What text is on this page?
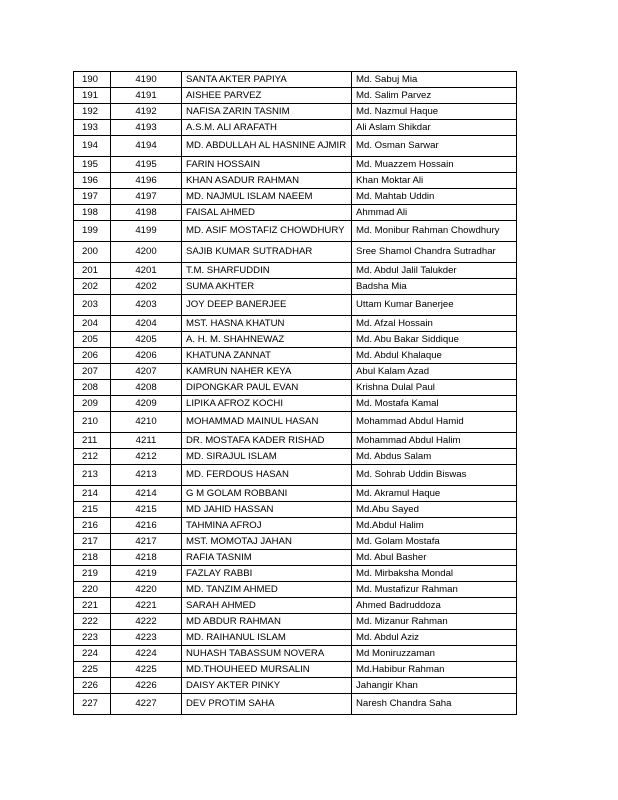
190	4190	SANTA AKTER PAPIYA	Md. Sabuj Mia
191	4191	AISHEE PARVEZ	Md. Salim Parvez
192	4192	NAFISA ZARIN TASNIM	Md. Nazmul Haque
193	4193	A.S.M. ALI ARAFATH	Ali Aslam Shikdar
194	4194	MD. ABDULLAH AL HASNINE AJMIR	Md. Osman Sarwar
195	4195	FARIN HOSSAIN	Md. Muazzem Hossain
196	4196	KHAN ASADUR RAHMAN	Khan Moktar Ali
197	4197	MD. NAJMUL ISLAM NAEEM	Md. Mahtab Uddin
198	4198	FAISAL AHMED	Ahmmad Ali
199	4199	MD. ASIF MOSTAFIZ CHOWDHURY	Md. Monibur Rahman Chowdhury
200	4200	SAJIB KUMAR SUTRADHAR	Sree Shamol Chandra Sutradhar
201	4201	T.M. SHARFUDDIN	Md. Abdul Jalil Talukder
202	4202	SUMA AKHTER	Badsha Mia
203	4203	JOY DEEP BANERJEE	Uttam Kumar Banerjee
204	4204	MST. HASNA KHATUN	Md. Afzal Hossain
205	4205	A. H. M. SHAHNEWAZ	Md. Abu Bakar Siddique
206	4206	KHATUNA ZANNAT	Md. Abdul Khalaque
207	4207	KAMRUN NAHER KEYA	Abul Kalam Azad
208	4208	DIPONGKAR PAUL EVAN	Krishna Dulal Paul
209	4209	LIPIKA AFROZ KOCHI	Md. Mostafa Kamal
210	4210	MOHAMMAD MAINUL HASAN	Mohammad Abdul Hamid
211	4211	DR. MOSTAFA KADER RISHAD	Mohammad Abdul Halim
212	4212	MD. SIRAJUL ISLAM	Md. Abdus Salam
213	4213	MD. FERDOUS HASAN	Md. Sohrab Uddin Biswas
214	4214	G M GOLAM ROBBANI	Md. Akramul Haque
215	4215	MD JAHID HASSAN	Md.Abu Sayed
216	4216	TAHMINA AFROJ	Md.Abdul Halim
217	4217	MST. MOMOTAJ JAHAN	Md. Golam Mostafa
218	4218	RAFIA TASNIM	Md. Abul Basher
219	4219	FAZLAY RABBI	Md. Mirbaksha Mondal
220	4220	MD. TANZIM AHMED	Md. Mustafizur Rahman
221	4221	SARAH AHMED	Ahmed Badruddoza
222	4222	MD ABDUR RAHMAN	Md. Mizanur Rahman
223	4223	MD. RAIHANUL ISLAM	Md. Abdul Aziz
224	4224	NUHASH TABASSUM NOVERA	Md Moniruzzaman
225	4225	MD.THOUHEED MURSALIN	Md.Habibur Rahman
226	4226	DAISY AKTER PINKY	Jahangir Khan
227	4227	DEV PROTIM SAHA	Naresh Chandra Saha
